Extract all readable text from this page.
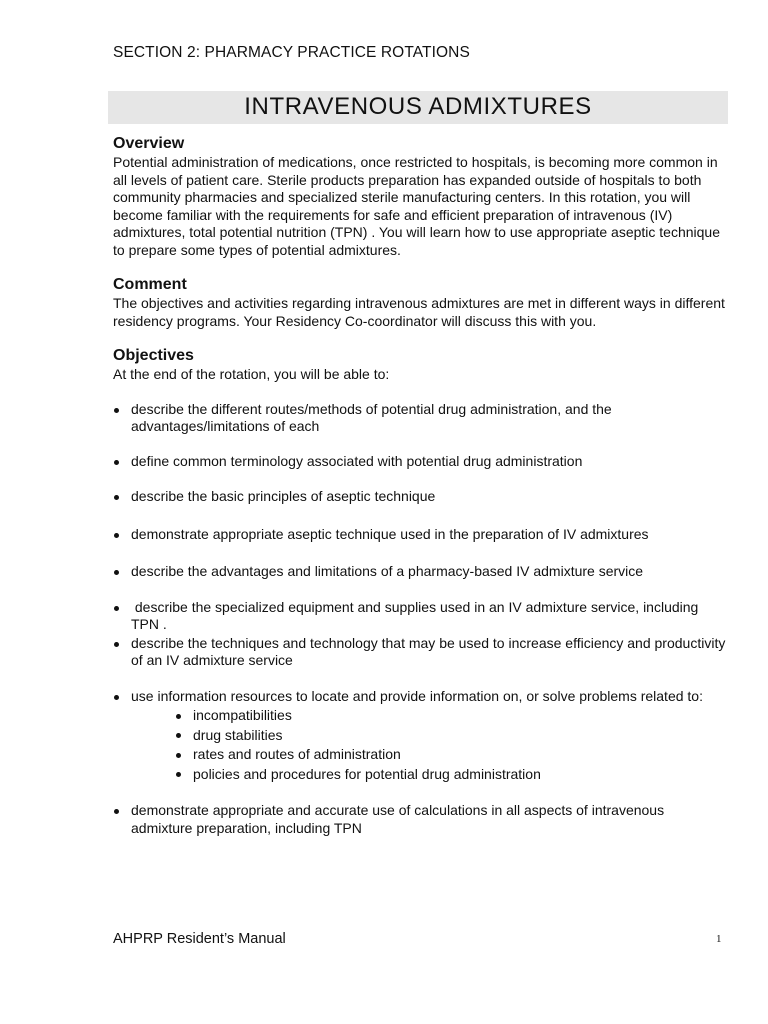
SECTION 2: PHARMACY PRACTICE ROTATIONS
INTRAVENOUS ADMIXTURES
Overview

Potential administration of medications, once restricted to hospitals, is becoming more common in all levels of patient care. Sterile products preparation has expanded outside of hospitals to both community pharmacies and specialized sterile manufacturing centers. In this rotation, you will become familiar with the requirements for safe and efficient preparation of intravenous (IV) admixtures, total potential nutrition (TPN) . You will learn how to use appropriate aseptic technique to prepare some types of potential admixtures.

Comment

The objectives and activities regarding intravenous admixtures are met in different ways in different residency programs. Your Residency Co-coordinator will discuss this with you.

Objectives

At the end of the rotation, you will be able to:

describe the different routes/methods of potential drug administration, and the advantages/limitations of each
define common terminology associated with potential drug administration
describe the basic principles of aseptic technique
demonstrate appropriate aseptic technique used in the preparation of IV admixtures
describe the advantages and limitations of a pharmacy-based IV admixture service
describe the specialized equipment and supplies used in an IV admixture service, including TPN .
describe the techniques and technology that may be used to increase efficiency and productivity of an IV admixture service
use information resources to locate and provide information on, or solve problems related to:
incompatibilities
drug stabilities
rates and routes of administration
policies and procedures for potential drug administration
demonstrate appropriate and accurate use of calculations in all aspects of intravenous admixture preparation, including TPN
AHPRP Resident’s Manual	1
